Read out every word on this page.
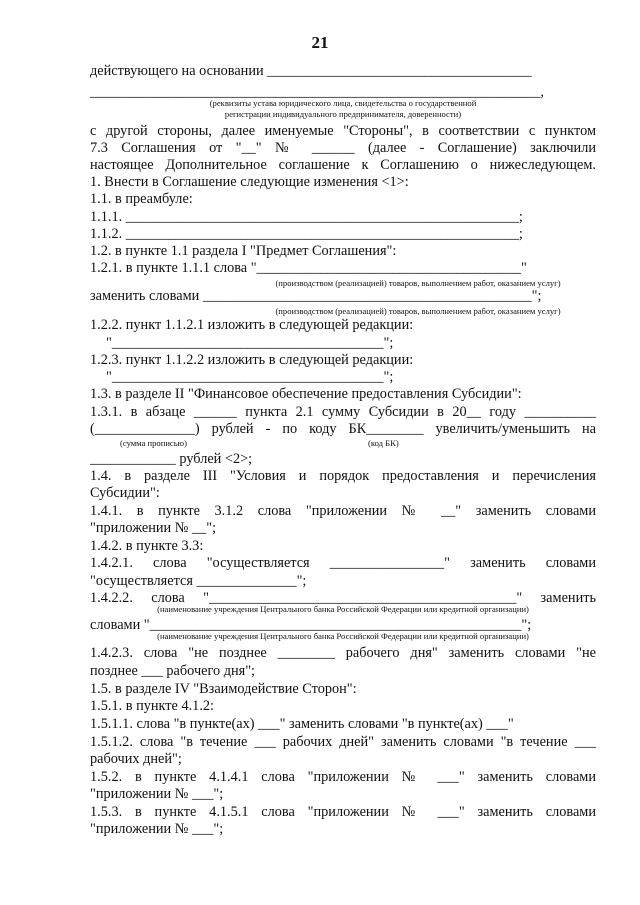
21

действующего на основании _____________________________________

_______________________________________________________________,

(реквизиты устава юридического лица, свидетельства о государственной

регистрации индивидуального предпринимателя, доверенности)

с другой стороны, далее именуемые "Стороны", в соответствии с пунктом

7.3 Соглашения от "__" № ______ (далее - Соглашение) заключили

настоящее Дополнительное соглашение к Соглашению о нижеследующем.

1. Внести в Соглашение следующие изменения <1>:

1.1. в преамбуле:

1.1.1. _______________________________________________________;

1.1.2. _______________________________________________________;

1.2. в пункте 1.1 раздела I "Предмет Соглашения":

1.2.1. в пункте 1.1.1 слова "_____________________________________"

(производством (реализацией) товаров, выполнением работ, оказанием услуг)

заменить словами ______________________________________________";

(производством (реализацией) товаров, выполнением работ, оказанием услуг)

1.2.2. пункт 1.1.2.1 изложить в следующей редакции:

"______________________________________";

1.2.3. пункт 1.1.2.2 изложить в следующей редакции:

"______________________________________";

1.3. в разделе II "Финансовое обеспечение предоставления Субсидии":

1.3.1. в абзаце ______ пункта 2.1 сумму Субсидии в 20__ году __________

(______________) рублей - по коду БК________ увеличить/уменьшить на

(сумма прописью)	(код БК)

____________ рублей <2>;

1.4. в разделе III "Условия и порядок предоставления и перечисления

Субсидии":

1.4.1. в пункте 3.1.2 слова "приложении № __" заменить словами

"приложении № __";

1.4.2. в пункте 3.3:

1.4.2.1. слова "осуществляется ________________" заменить словами

"осуществляется ______________";

1.4.2.2. слова "___________________________________________" заменить

(наименование учреждения Центрального банка Российской Федерации или кредитной организации)

словами "____________________________________________________";

(наименование учреждения Центрального банка Российской Федерации или кредитной организации)

1.4.2.3. слова "не позднее ________ рабочего дня" заменить словами "не

позднее ___ рабочего дня";

1.5. в разделе IV "Взаимодействие Сторон":

1.5.1. в пункте 4.1.2:

1.5.1.1. слова "в пункте(ах) ___" заменить словами "в пункте(ах) ___"

1.5.1.2. слова "в течение ___ рабочих дней" заменить словами "в течение ___

рабочих дней";

1.5.2. в пункте 4.1.4.1 слова "приложении № ___" заменить словами

"приложении № ___";

1.5.3. в пункте 4.1.5.1 слова "приложении № ___" заменить словами

"приложении № ___";
